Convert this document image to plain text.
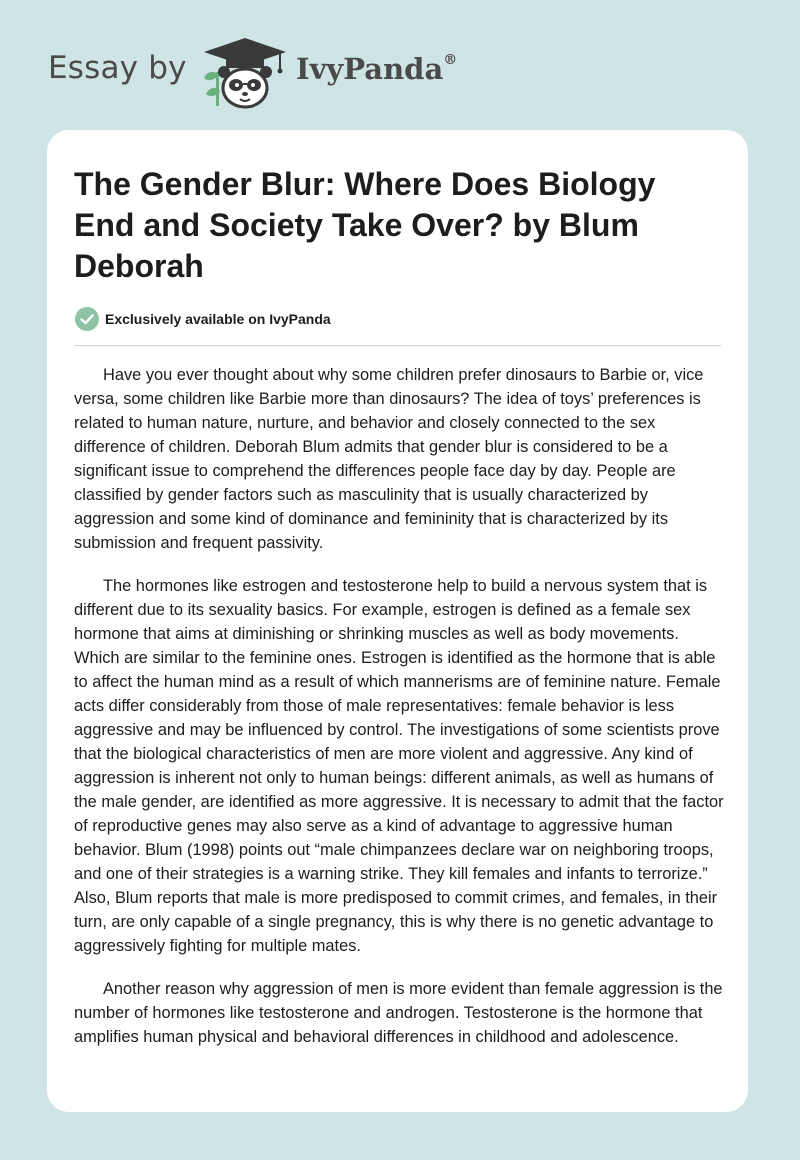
Essay by	IvyPanda®
The Gender Blur: Where Does Biology End and Society Take Over? by Blum Deborah
Exclusively available on IvyPanda

Have you ever thought about why some children prefer dinosaurs to Barbie or, vice versa, some children like Barbie more than dinosaurs? The idea of toys’ preferences is related to human nature, nurture, and behavior and closely connected to the sex difference of children. Deborah Blum admits that gender blur is considered to be a significant issue to comprehend the differences people face day by day. People are classified by gender factors such as masculinity that is usually characterized by aggression and some kind of dominance and femininity that is characterized by its submission and frequent passivity.

The hormones like estrogen and testosterone help to build a nervous system that is different due to its sexuality basics. For example, estrogen is defined as a female sex hormone that aims at diminishing or shrinking muscles as well as body movements. Which are similar to the feminine ones. Estrogen is identified as the hormone that is able to affect the human mind as a result of which mannerisms are of feminine nature. Female acts differ considerably from those of male representatives: female behavior is less aggressive and may be influenced by control. The investigations of some scientists prove that the biological characteristics of men are more violent and aggressive. Any kind of aggression is inherent not only to human beings: different animals, as well as humans of the male gender, are identified as more aggressive. It is necessary to admit that the factor of reproductive genes may also serve as a kind of advantage to aggressive human behavior. Blum (1998) points out “male chimpanzees declare war on neighboring troops, and one of their strategies is a warning strike. They kill females and infants to terrorize.” Also, Blum reports that male is more predisposed to commit crimes, and females, in their turn, are only capable of a single pregnancy, this is why there is no genetic advantage to aggressively fighting for multiple mates.

Another reason why aggression of men is more evident than female aggression is the number of hormones like testosterone and androgen. Testosterone is the hormone that amplifies human physical and behavioral differences in childhood and adolescence.
